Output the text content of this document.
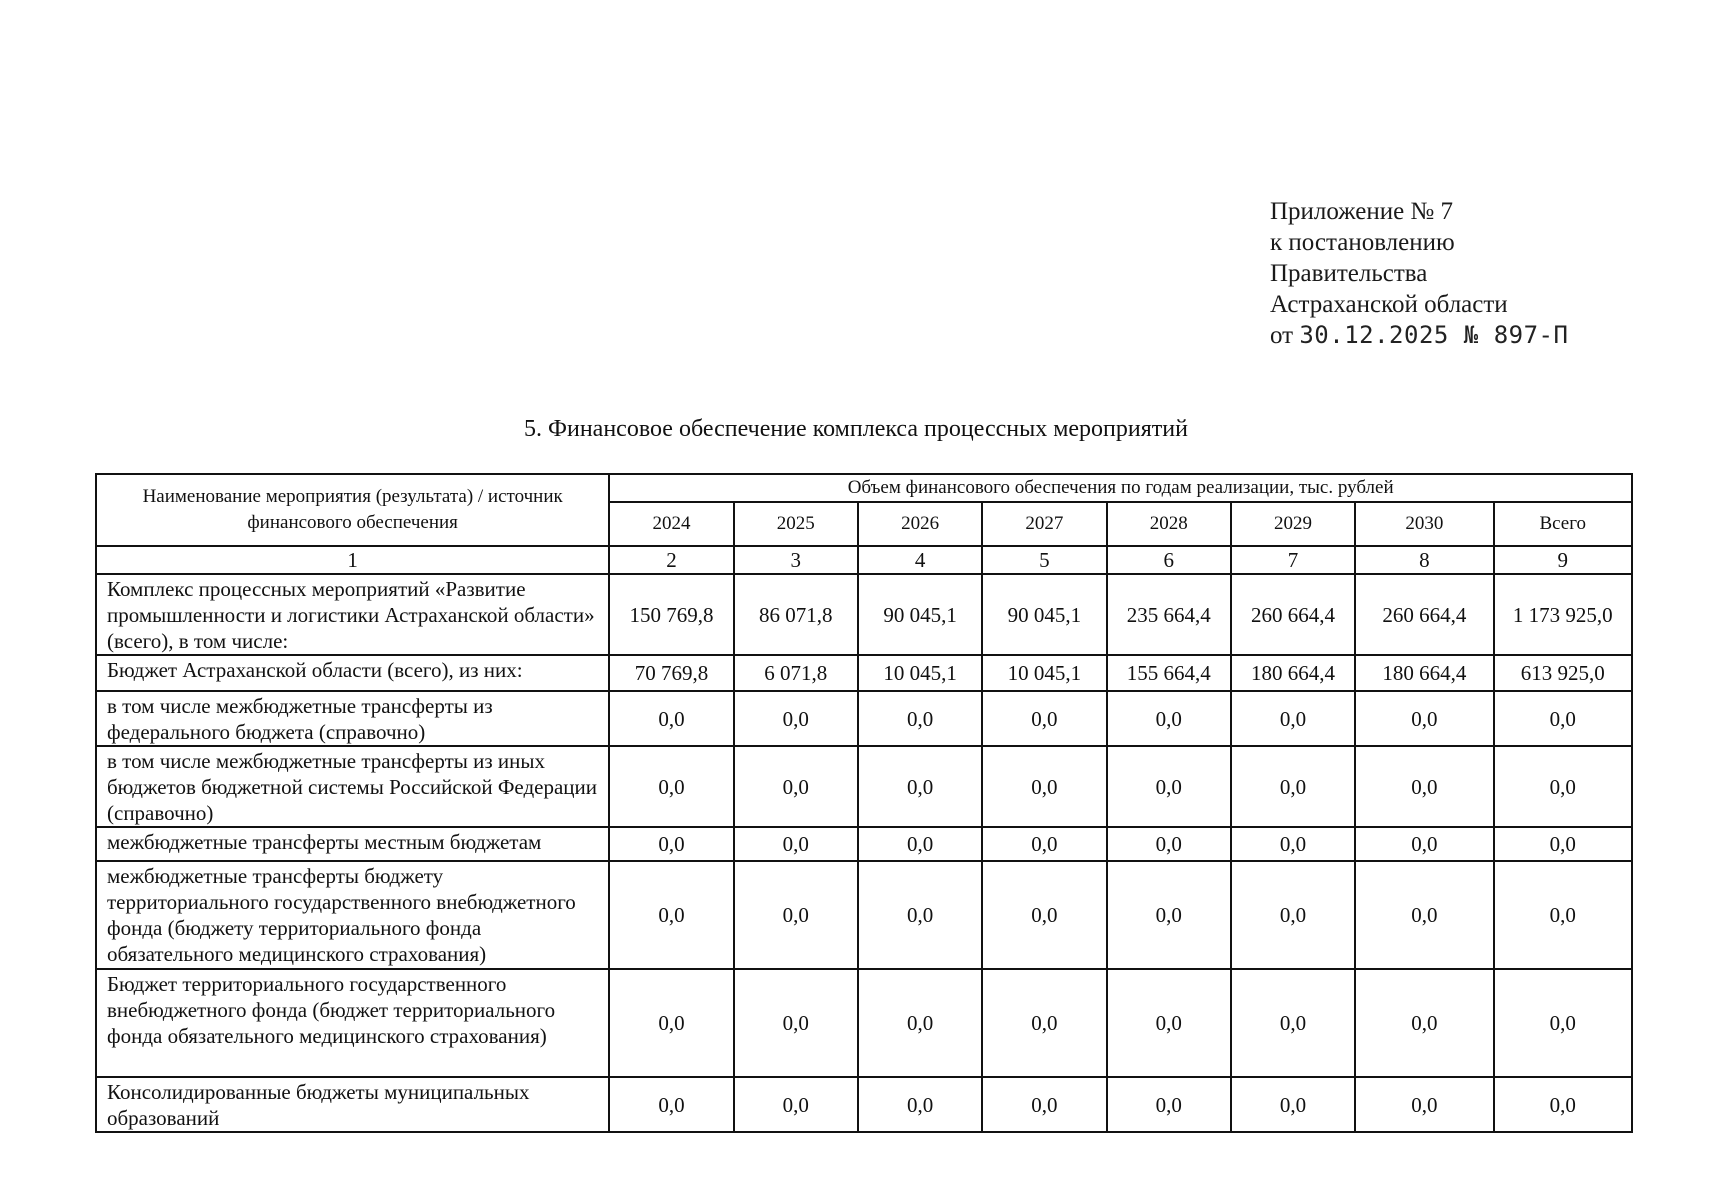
Приложение № 7
к постановлению
Правительства
Астраханской области
от 30.12.2025 № 897-П
5. Финансовое обеспечение комплекса процессных мероприятий
Наименование мероприятия (результата) / источник финансового обеспечения	Объем финансового обеспечения по годам реализации, тыс. рублей							
	2024	2025	2026	2027	2028	2029	2030	Всего
1	2	3	4	5	6	7	8	9
Комплекс процессных мероприятий «Развитие промышленности и логистики Астраханской области» (всего), в том числе:	150 769,8	86 071,8	90 045,1	90 045,1	235 664,4	260 664,4	260 664,4	1 173 925,0
Бюджет Астраханской области (всего), из них:	70 769,8	6 071,8	10 045,1	10 045,1	155 664,4	180 664,4	180 664,4	613 925,0
в том числе межбюджетные трансферты из федерального бюджета (справочно)	0,0	0,0	0,0	0,0	0,0	0,0	0,0	0,0
в том числе межбюджетные трансферты из иных бюджетов бюджетной системы Российской Федерации (справочно)	0,0	0,0	0,0	0,0	0,0	0,0	0,0	0,0
межбюджетные трансферты местным бюджетам	0,0	0,0	0,0	0,0	0,0	0,0	0,0	0,0
межбюджетные трансферты бюджету территориального государственного внебюджетного фонда (бюджету территориального фонда обязательного медицинского страхования)	0,0	0,0	0,0	0,0	0,0	0,0	0,0	0,0
Бюджет территориального государственного внебюджетного фонда (бюджет территориального фонда обязательного медицинского страхования)	0,0	0,0	0,0	0,0	0,0	0,0	0,0	0,0
Консолидированные бюджеты муниципальных образований	0,0	0,0	0,0	0,0	0,0	0,0	0,0	0,0
